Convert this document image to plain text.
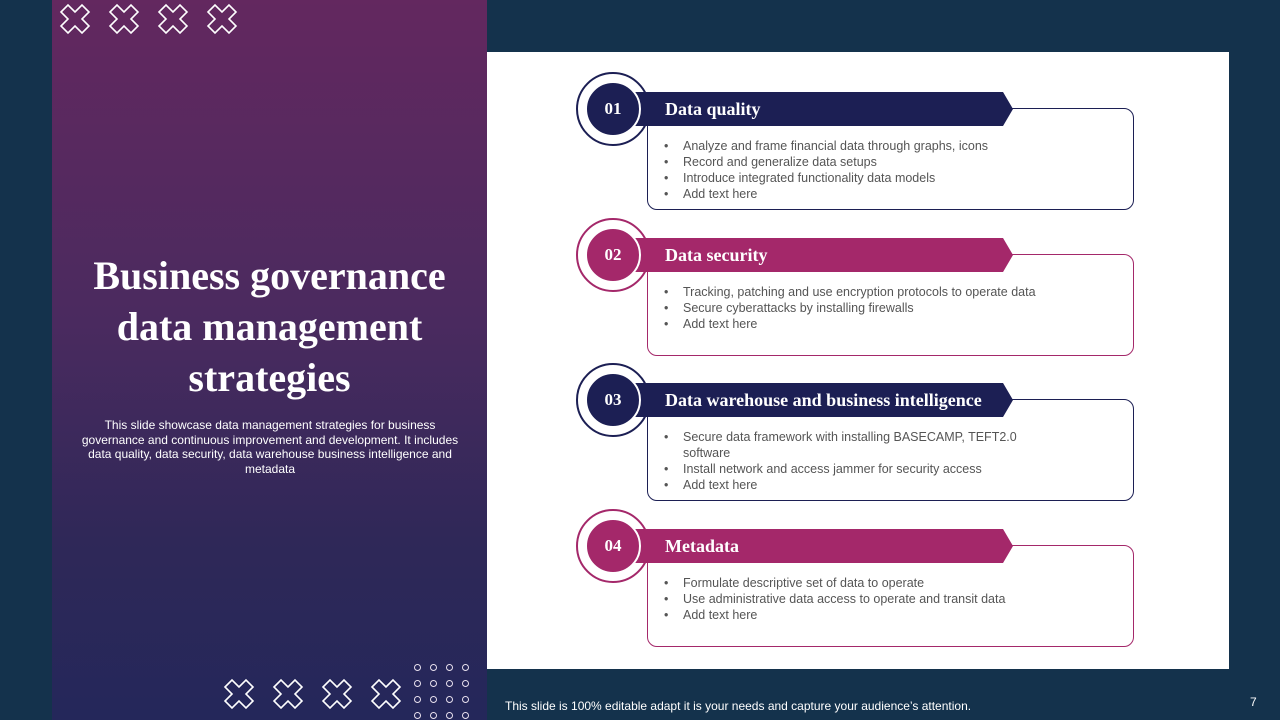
Business governance
data management
strategies

This slide showcase data management strategies for business governance and continuous improvement and development. It includes data quality, data security, data warehouse business intelligence and metadata

01	Data quality
• Analyze and frame financial data through graphs, icons
• Record and generalize data setups
• Introduce integrated functionality data models
• Add text here
02	Data security
• Tracking, patching and use encryption protocols to operate data
• Secure cyberattacks by installing firewalls
• Add text here
03	Data warehouse and business intelligence
• Secure data framework with installing BASECAMP, TEFT2.0 software
• Install network and access jammer for security access
• Add text here
04	Metadata
• Formulate descriptive set of data to operate
• Use administrative data access to operate and transit data
• Add text here
This slide is 100% editable adapt it is your needs and capture your audience’s attention.	7
